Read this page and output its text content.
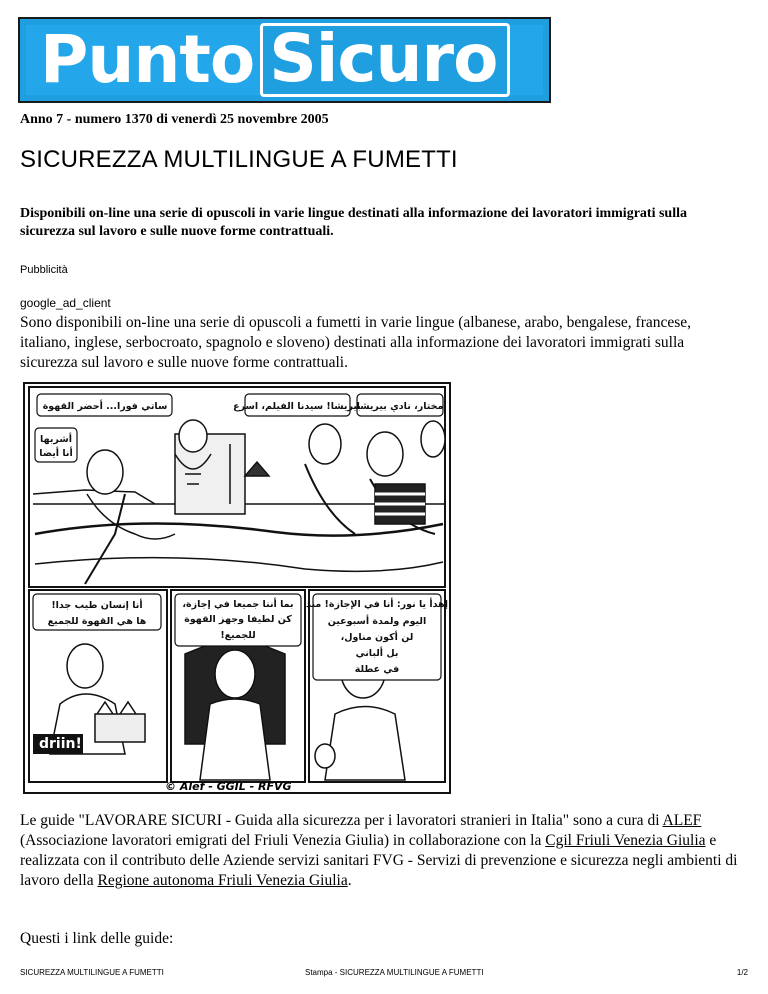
Punto Sicuro
Anno 7 - numero 1370 di venerdì 25 novembre 2005
SICUREZZA MULTILINGUE A FUMETTI
Disponibili on-line una serie di opuscoli in varie lingue destinati alla informazione dei lavoratori immigrati sulla sicurezza sul lavoro e sulle nuove forme contrattuali.
Pubblicità
google_ad_client
Sono disponibili on-line una serie di opuscoli a fumetti in varie lingue (albanese, arabo, bengalese, francese, italiano, inglese, serbocroato, spagnolo e sloveno) destinati alla informazione dei lavoratori immigrati sulla sicurezza sul lavoro e sulle nuove forme contrattuali.
ساتي فورا... أحضر القهوة	بيريشا! سيدنا الفيلم، اسرع
مختار، نادي بيريشا
أشربها
أنا أيضا
أنا إنسان طيب جدا!
ها هي القهوة للجميع
بما أننا جميعا في إجازة،
كن لطيفا وجهز القهوة
للجميع!
إهدأ يا نور: أنا في الإجازة! منذ
اليوم ولمدة أسبوعين
لن أكون مناول،
بل ألباني
في عطلة
driin!
© Alef - GGIL - RFVG
Le guide "LAVORARE SICURI - Guida alla sicurezza per i lavoratori stranieri in Italia" sono a cura di ALEF (Associazione lavoratori emigrati del Friuli Venezia Giulia) in collaborazione con la Cgil Friuli Venezia Giulia e realizzata con il contributo delle Aziende servizi sanitari FVG - Servizi di prevenzione e sicurezza negli ambienti di lavoro della Regione autonoma Friuli Venezia Giulia.
Questi i link delle guide:
SICUREZZA MULTILINGUE A FUMETTI	Stampa - SICUREZZA MULTILINGUE A FUMETTI	1/2
